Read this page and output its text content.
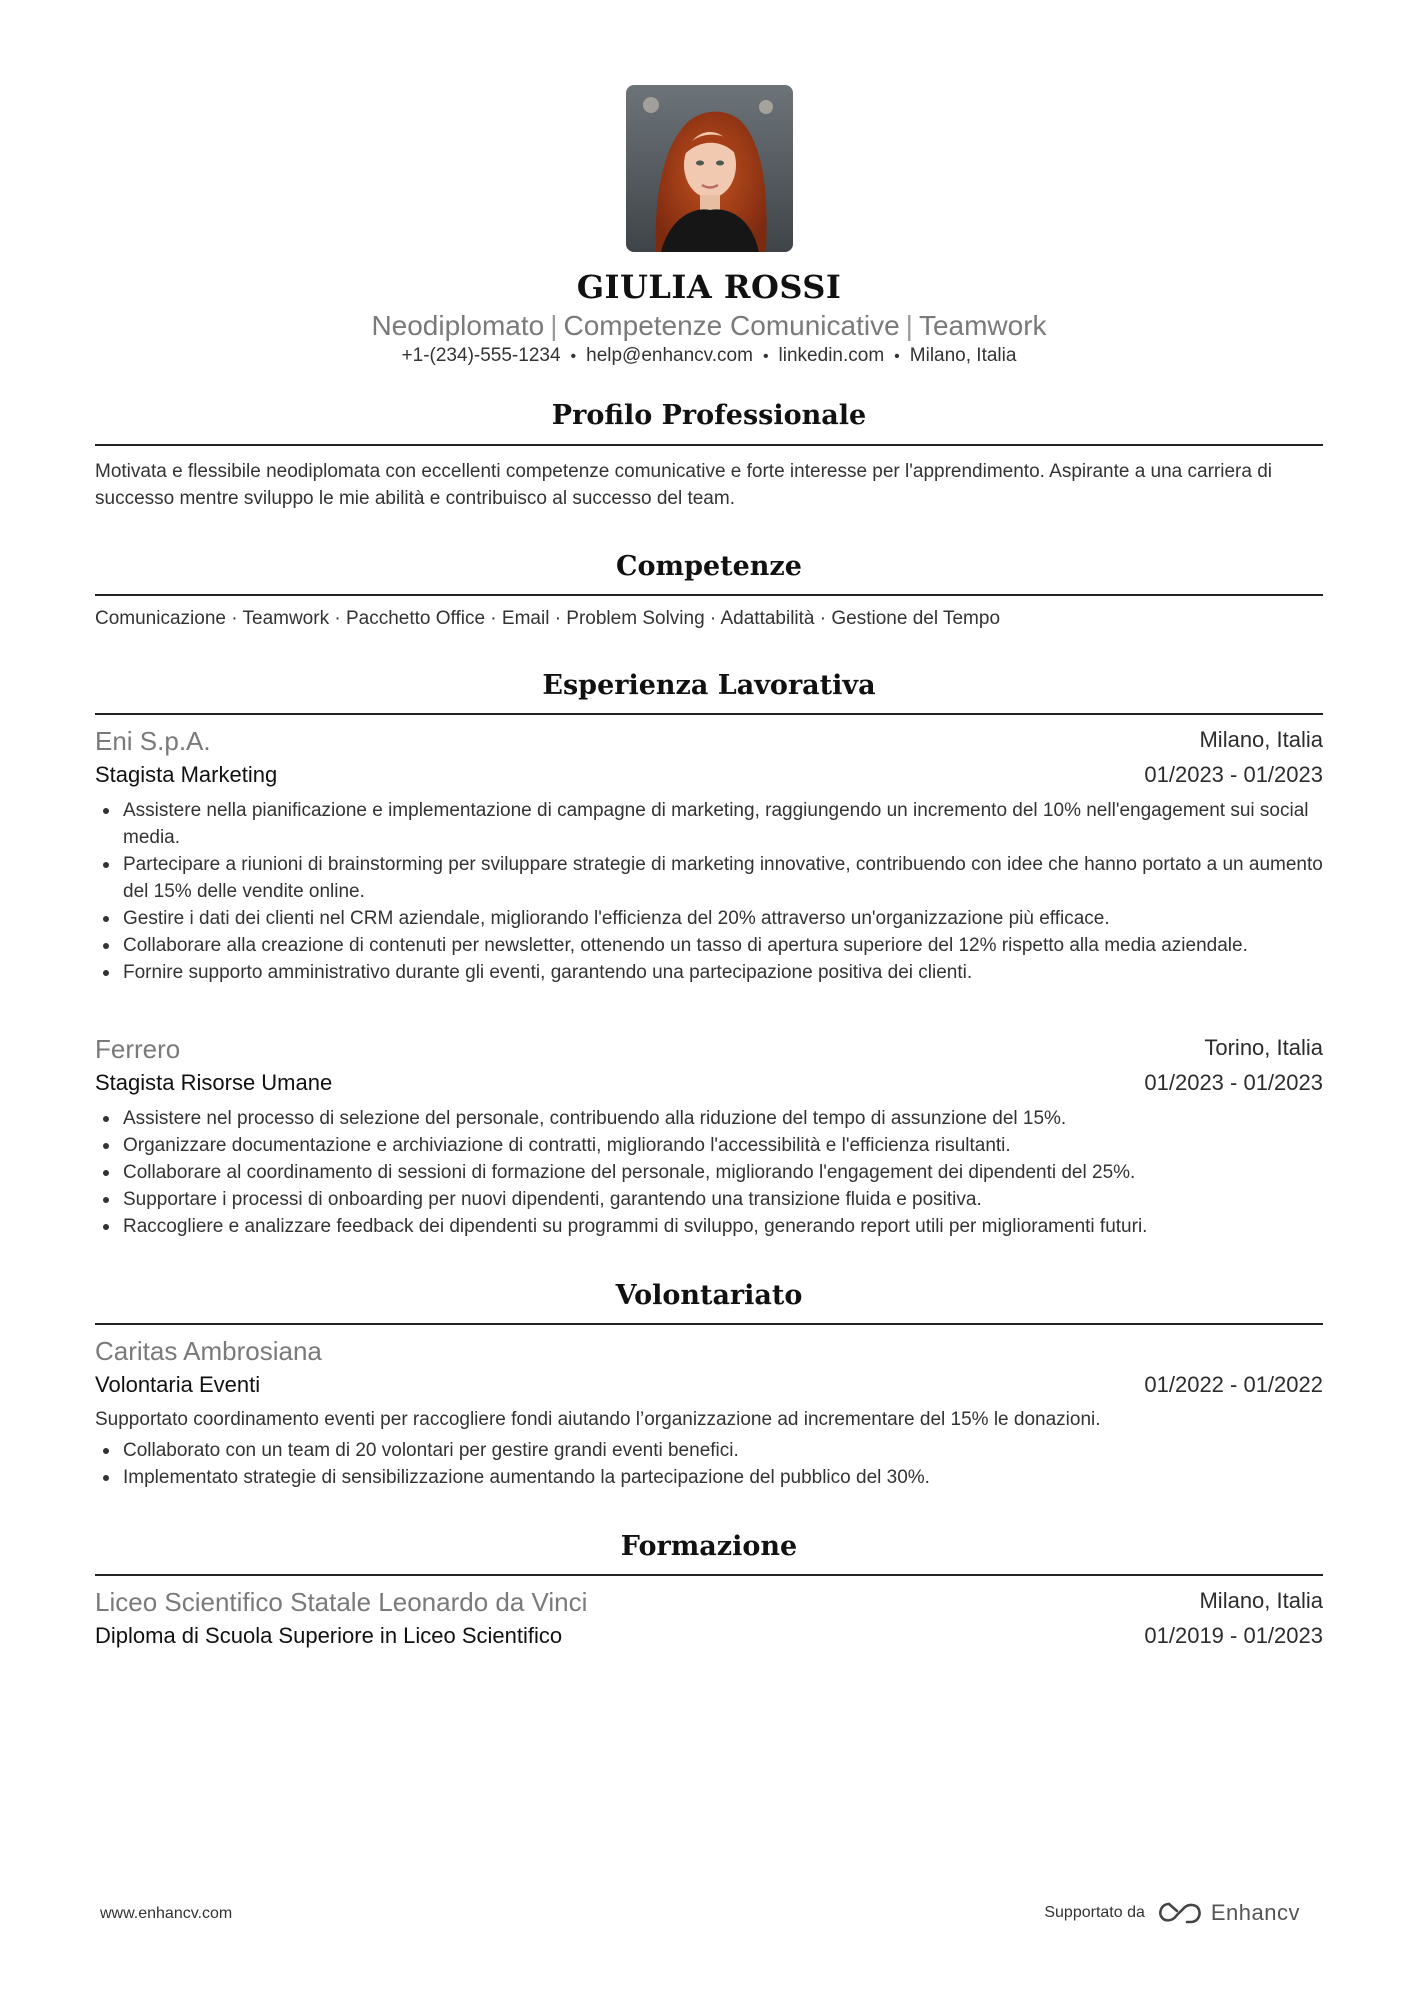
GIULIA ROSSI
Neodiplomato | Competenze Comunicative | Teamwork
+1-(234)-555-1234 • help@enhancv.com • linkedin.com • Milano, Italia
Profilo Professionale
Motivata e flessibile neodiplomata con eccellenti competenze comunicative e forte interesse per l'apprendimento. Aspirante a una carriera di successo mentre sviluppo le mie abilità e contribuisco al successo del team.
Competenze
Comunicazione · Teamwork · Pacchetto Office · Email · Problem Solving · Adattabilità · Gestione del Tempo
Esperienza Lavorativa
Eni S.p.A.	Milano, Italia
Stagista Marketing	01/2023 - 01/2023
Assistere nella pianificazione e implementazione di campagne di marketing, raggiungendo un incremento del 10% nell'engagement sui social media.
Partecipare a riunioni di brainstorming per sviluppare strategie di marketing innovative, contribuendo con idee che hanno portato a un aumento del 15% delle vendite online.
Gestire i dati dei clienti nel CRM aziendale, migliorando l'efficienza del 20% attraverso un'organizzazione più efficace.
Collaborare alla creazione di contenuti per newsletter, ottenendo un tasso di apertura superiore del 12% rispetto alla media aziendale.
Fornire supporto amministrativo durante gli eventi, garantendo una partecipazione positiva dei clienti.
Ferrero	Torino, Italia
Stagista Risorse Umane	01/2023 - 01/2023
Assistere nel processo di selezione del personale, contribuendo alla riduzione del tempo di assunzione del 15%.
Organizzare documentazione e archiviazione di contratti, migliorando l'accessibilità e l'efficienza risultanti.
Collaborare al coordinamento di sessioni di formazione del personale, migliorando l'engagement dei dipendenti del 25%.
Supportare i processi di onboarding per nuovi dipendenti, garantendo una transizione fluida e positiva.
Raccogliere e analizzare feedback dei dipendenti su programmi di sviluppo, generando report utili per miglioramenti futuri.
Volontariato
Caritas Ambrosiana
Volontaria Eventi	01/2022 - 01/2022
Supportato coordinamento eventi per raccogliere fondi aiutando l’organizzazione ad incrementare del 15% le donazioni.
Collaborato con un team di 20 volontari per gestire grandi eventi benefici.
Implementato strategie di sensibilizzazione aumentando la partecipazione del pubblico del 30%.
Formazione
Liceo Scientifico Statale Leonardo da Vinci	Milano, Italia
Diploma di Scuola Superiore in Liceo Scientifico	01/2019 - 01/2023
www.enhancv.com	Supportato da	Enhancv
